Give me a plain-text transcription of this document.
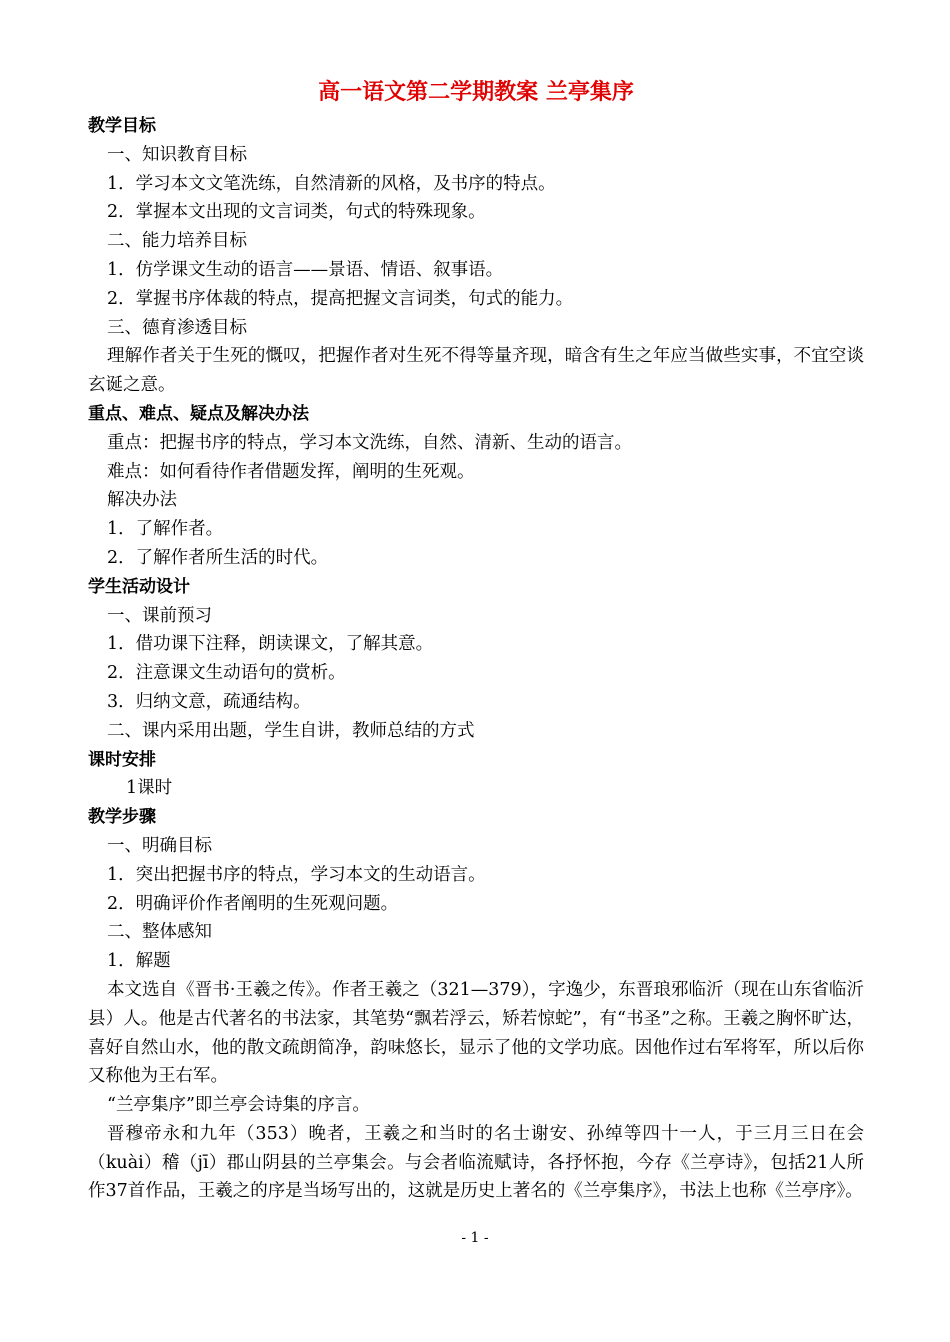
高一语文第二学期教案 兰亭集序
教学目标
一、知识教育目标
1．学习本文文笔洗练，自然清新的风格，及书序的特点。
2．掌握本文出现的文言词类，句式的特殊现象。
二、能力培养目标
1．仿学课文生动的语言——景语、情语、叙事语。
2．掌握书序体裁的特点，提高把握文言词类，句式的能力。
三、德育渗透目标
理解作者关于生死的慨叹，把握作者对生死不得等量齐现，暗含有生之年应当做些实事，不宜空谈玄诞之意。
重点、难点、疑点及解决办法
重点：把握书序的特点，学习本文洗练，自然、清新、生动的语言。
难点：如何看待作者借题发挥，阐明的生死观。
解决办法
1．了解作者。
2．了解作者所生活的时代。
学生活动设计
一、课前预习
1．借功课下注释，朗读课文，了解其意。
2．注意课文生动语句的赏析。
3．归纳文意，疏通结构。
二、课内采用出题，学生自讲，教师总结的方式
课时安排
1课时
教学步骤
一、明确目标
1．突出把握书序的特点，学习本文的生动语言。
2．明确评价作者阐明的生死观问题。
二、整体感知
1．解题
本文选自《晋书·王羲之传》。作者王羲之（321—379），字逸少，东晋琅邪临沂（现在山东省临沂县）人。他是古代著名的书法家，其笔势“飘若浮云，矫若惊蛇”，有“书圣”之称。王羲之胸怀旷达，喜好自然山水，他的散文疏朗简净，韵味悠长，显示了他的文学功底。因他作过右军将军，所以后你又称他为王右军。
“兰亭集序”即兰亭会诗集的序言。
晋穆帝永和九年（353）晚者，王羲之和当时的名士谢安、孙绰等四十一人，于三月三日在会（kuài）稽（jī）郡山阴县的兰亭集会。与会者临流赋诗，各抒怀抱，今存《兰亭诗》，包括21人所作37首作品，王羲之的序是当场写出的，这就是历史上著名的《兰亭集序》，书法上也称《兰亭序》。
- 1 -
